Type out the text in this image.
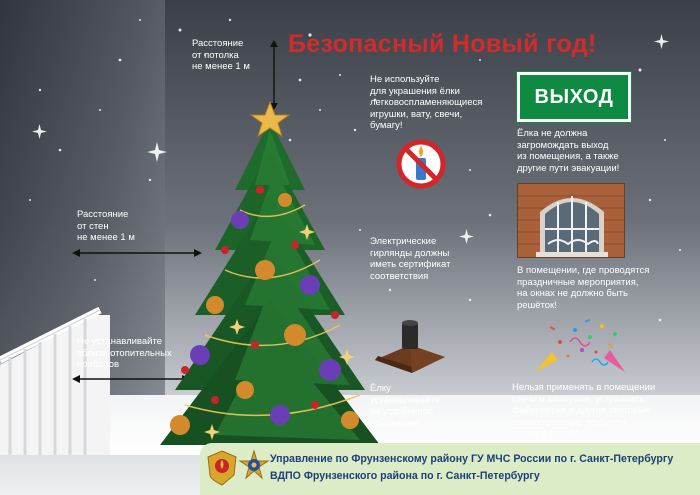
Безопасный Новый год!
Расстояние
от потолка
не менее 1 м
Расстояние
от стен
не менее 1 м
Не устанавливайте
вблизи отопительных
приборов
Не используйте
для украшения ёлки
легковоспламеняющиеся
игрушки, вату, свечи,
бумагу!
Ёлка не должна
загромождать выход
из помещения, а также
другие пути эвакуации!
Электрические
гирлянды должны
иметь сертификат
соответствия	В помещении, где проводятся
праздничные мероприятия,
на окнах не должно быть
решёток!
Ёлку
устанавливайте
на устойчивое
основание!
Нельзя применять в помещении
свечи и хлопушки, устраивать
фейерверки и другие световые
пожароопасные эффекты
рядом с ёлкой!
ВЫХОД
Управление по Фрунзенскому району ГУ МЧС России по г. Санкт-Петербургу
ВДПО Фрунзенского района по г. Санкт-Петербургу
